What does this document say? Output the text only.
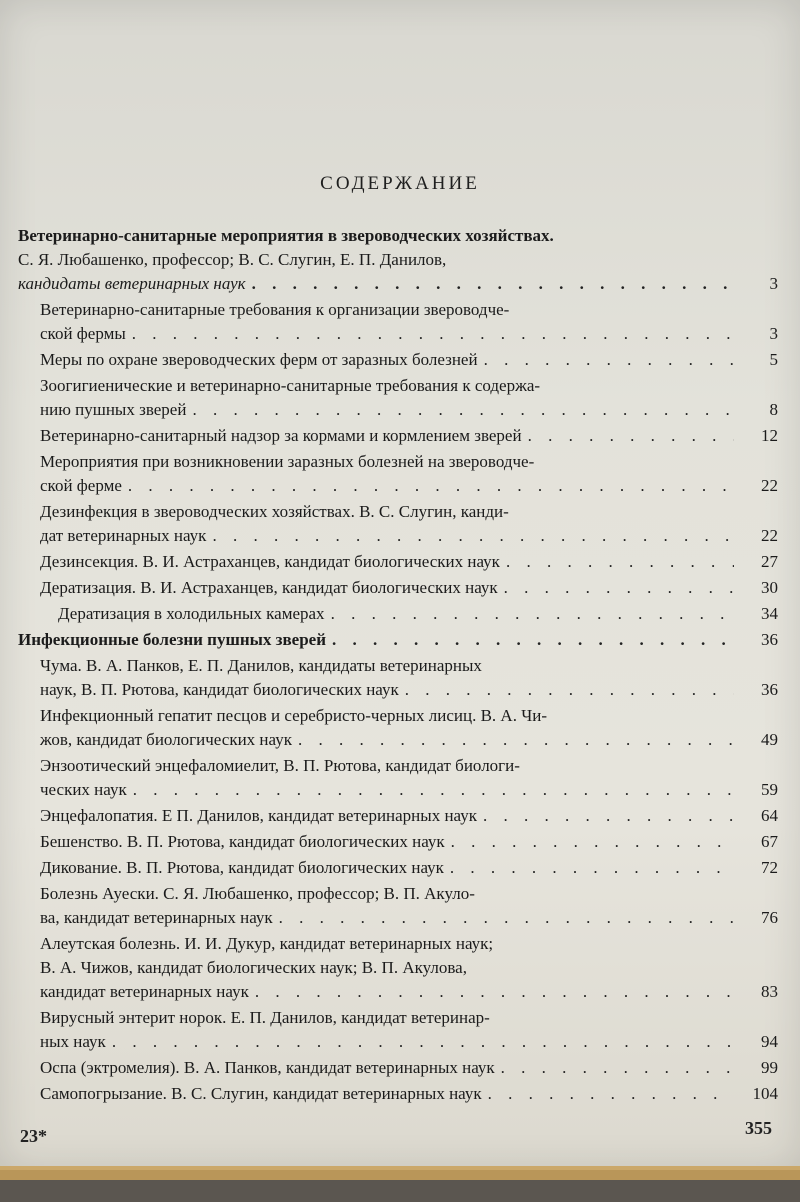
СОДЕРЖАНИЕ
Ветеринарно-санитарные мероприятия в звероводческих хозяйствах.
С. Я. Любашенко, профессор; В. С. Слугин, Е. П. Данилов,
кандидаты ветеринарных наук . . .	3
Ветеринарно-санитарные требования к организации звероводче-
ской фермы . . .	3
Меры по охране звероводческих ферм от заразных болезней . . .	5
Зоогигиенические и ветеринарно-санитарные требования к содержа-
нию пушных зверей . . .	8
Ветеринарно-санитарный надзор за кормами и кормлением зверей . . .	12
Мероприятия при возникновении заразных болезней на звероводче-
ской ферме . . .	22
Дезинфекция в звероводческих хозяйствах. В. С. Слугин, канди-
дат ветеринарных наук . . .	22
Дезинсекция. В. И. Астраханцев, кандидат биологических наук . . .	27
Дератизация. В. И. Астраханцев, кандидат биологических наук . . .	30
Дератизация в холодильных камерах . . .	34
Инфекционные болезни пушных зверей . . .	36
Чума. В. А. Панков, Е. П. Данилов, кандидаты ветеринарных
наук, В. П. Рютова, кандидат биологических наук . . .	36
Инфекционный гепатит песцов и серебристо-черных лисиц. В. А. Чи-
жов, кандидат биологических наук . . .	49
Энзоотический энцефаломиелит, В. П. Рютова, кандидат биологи-
ческих наук . . .	59
Энцефалопатия. Е П. Данилов, кандидат ветеринарных наук . . .	64
Бешенство. В. П. Рютова, кандидат биологических наук . . .	67
Дикование. В. П. Рютова, кандидат биологических наук . . .	72
Болезнь Ауески. С. Я. Любашенко, профессор; В. П. Акуло-
ва, кандидат ветеринарных наук . . .	76
Алеутская болезнь. И. И. Дукур, кандидат ветеринарных наук;
В. А. Чижов, кандидат биологических наук; В. П. Акулова,
кандидат ветеринарных наук . . .	83
Вирусный энтерит норок. Е. П. Данилов, кандидат ветеринар-
ных наук . . .	94
Оспа (эктромелия). В. А. Панков, кандидат ветеринарных наук . . .	99
Самопогрызание. В. С. Слугин, кандидат ветеринарных наук . . .	104
23*	355
